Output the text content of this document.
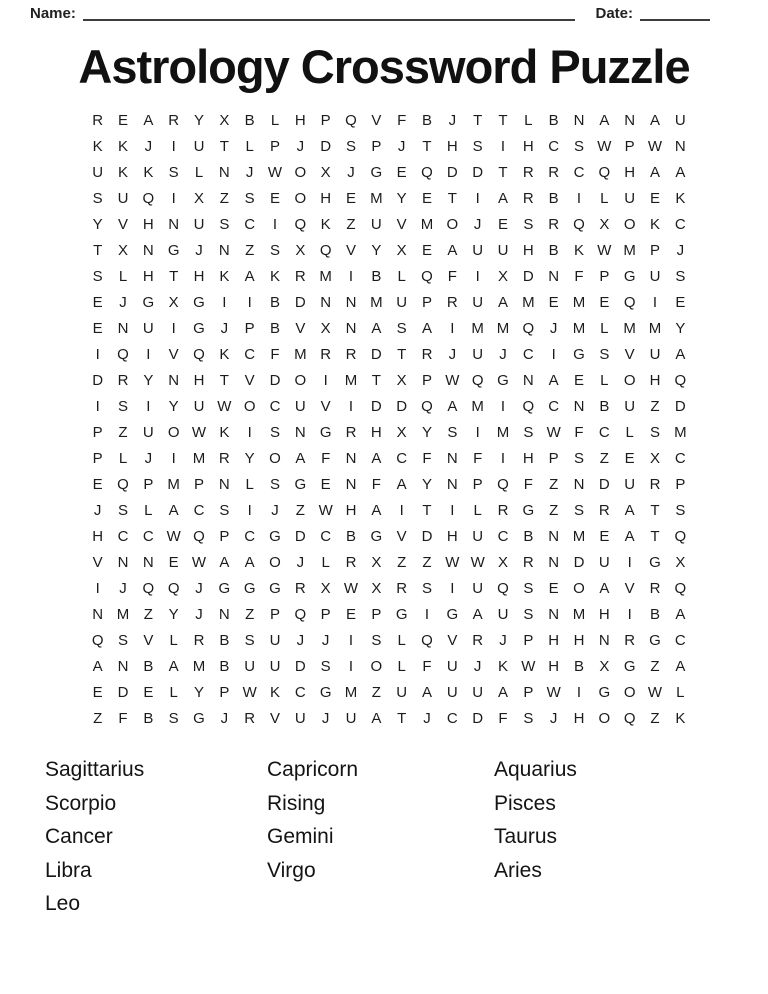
Name:	Date:
Astrology Crossword Puzzle
R E	A R Y	X	B	L	H P Q V	F	B	J	T	T	L	B N A N A U
K	K	J	I	U	T	L	P	J	D S	P	J	T	H S	I	H C S W P W N
U K	K	S	L	N	J W O X	J	G E Q D D	T	R R C Q H A	A
S U Q	I	X	Z	S	E O H E M Y	E	T	I	A R B	I	L	U E	K
Y	V H N U S C	I	Q K	Z	U V M O	J	E	S R Q X O K C
T	X N G	J	N	Z	S	X Q V	Y	X	E	A U U H B	K W M P	J
S	L	H	T	H K	A	K R M	I	B	L	Q F	I	X D N	F	P G U S
E	J	G X G	I	I	B D N N M U P R U A M E M E Q	I	E
E N U	I	G	J	P	B	V	X N A	S	A	I	M M Q	J	M L M M Y
I	Q	I	V Q K C	F M R R D	T	R	J	U	J	C	I	G S	V U A
D R Y N H	T	V D O	I	M T	X	P W Q G N A	E	L	O H Q
I	S	I	Y U W O C U V	I	D D Q A M	I	Q C N B U	Z	D
P	Z	U O W K	I	S N G R H X	Y	S	I	M S W F	C	L	S M
P	L	J	I	M R Y O A	F	N A C	F	N	F	I	H P	S	Z	E	X C
E Q P M P N	L	S G E N	F	A	Y N P Q F	Z	N D U R P
J	S	L	A C S	I	J	Z W H A	I	T	I	L	R G Z	S R A	T	S
H C C W Q P C G D C B G V D H U C B N M E	A	T Q
V N N E W A	A O	J	L	R X	Z	Z W W X R N D U	I	G X
I	J	Q Q	J	G G G R X W X R S	I	U Q S	E O A	V R Q
N M Z	Y	J	N	Z	P Q P	E	P G	I	G A U S N M H	I	B	A
Q S	V	L	R B	S U	J	J	I	S	L	Q V R	J	P H H N R G C
A N B	A M B U U D S	I	O	L	F	U	J	K W H B	X G Z	A
E D E	L	Y	P W K C G M Z	U A U U A	P W	I	G O W L
Z	F	B	S G	J	R V U	J	U A	T	J	C D	F	S	J	H O Q Z	K
Sagittarius
Scorpio
Cancer
Libra
Leo
Capricorn
Rising
Gemini
Virgo
Aquarius
Pisces
Taurus
Aries
